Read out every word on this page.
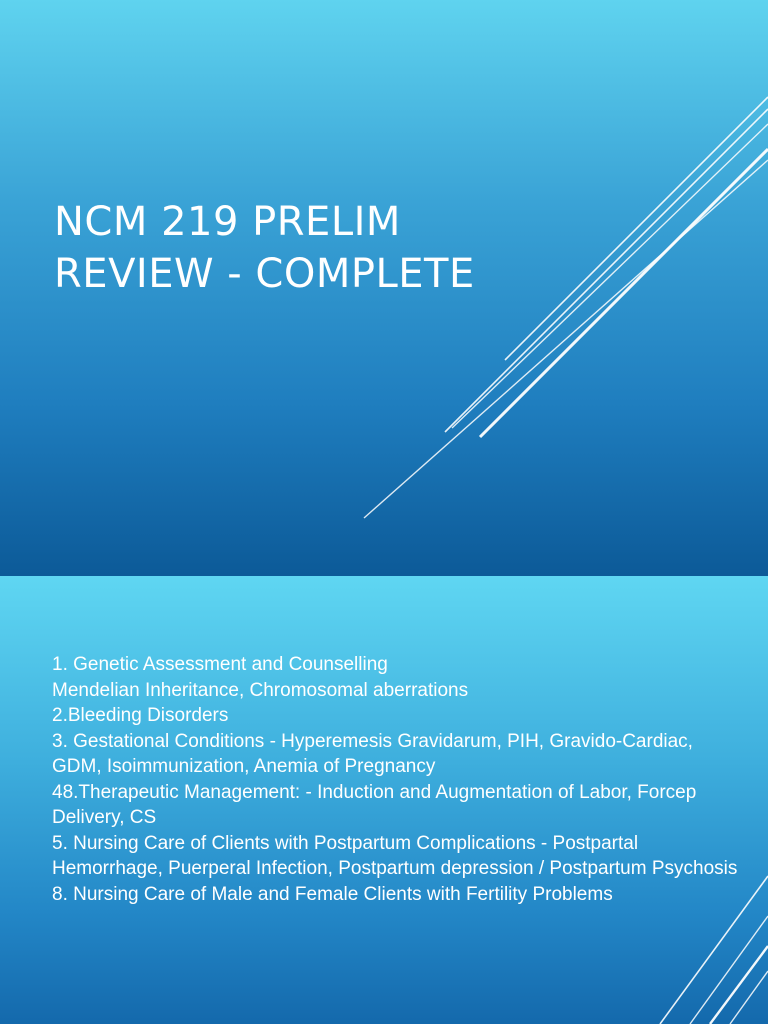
NCM 219 PRELIM
REVIEW - COMPLETE
1. Genetic Assessment and Counselling
Mendelian Inheritance, Chromosomal aberrations
2.Bleeding Disorders
3. Gestational Conditions - Hyperemesis Gravidarum, PIH, Gravido-Cardiac, GDM, Isoimmunization, Anemia of Pregnancy
48.Therapeutic Management: - Induction and Augmentation of Labor, Forcep Delivery, CS
5. Nursing Care of Clients with Postpartum Complications - Postpartal Hemorrhage, Puerperal Infection, Postpartum depression / Postpartum Psychosis
8. Nursing Care of Male and Female Clients with Fertility Problems
